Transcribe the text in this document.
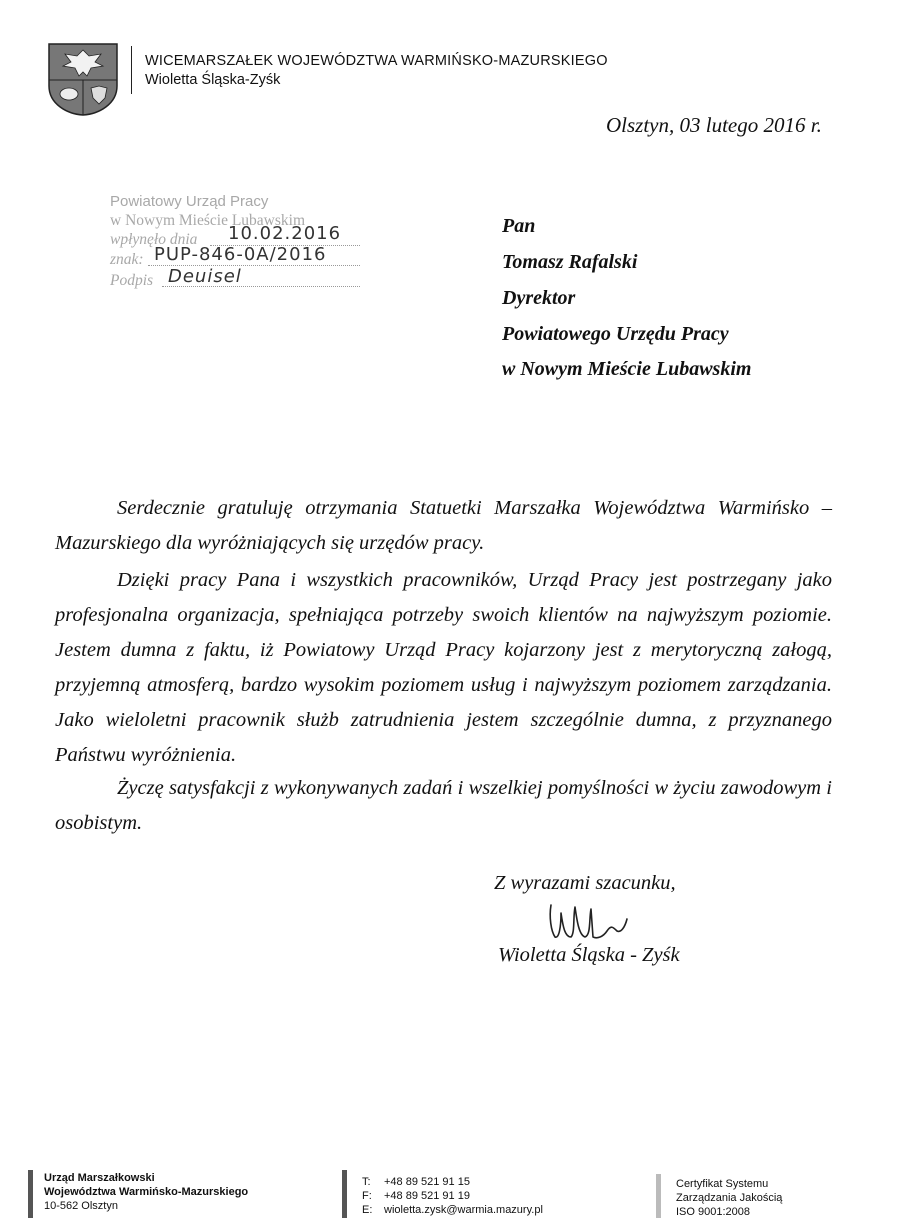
WICEMARSZAŁEK WOJEWÓDZTWA WARMIŃSKO-MAZURSKIEGO
Wioletta Śląska-Zyśk
Olsztyn, 03 lutego 2016 r.
Powiatowy Urząd Pracy
w Nowym Mieście Lubawskim
wpłynęło dnia 10.02.2016
znak: PUP-846-0A/2016
Podpis Deuisel
Pan
Tomasz Rafalski
Dyrektor
Powiatowego Urzędu Pracy
w Nowym Mieście Lubawskim
Serdecznie gratuluję otrzymania Statuetki Marszałka Województwa Warmińsko – Mazurskiego dla wyróżniających się urzędów pracy.
Dzięki pracy Pana i wszystkich pracowników, Urząd Pracy jest postrzegany jako profesjonalna organizacja, spełniająca potrzeby swoich klientów na najwyższym poziomie. Jestem dumna z faktu, iż Powiatowy Urząd Pracy kojarzony jest z merytoryczną załogą, przyjemną atmosferą, bardzo wysokim poziomem usług i najwyższym poziomem zarządzania. Jako wieloletni pracownik służb zatrudnienia jestem szczególnie dumna, z przyznanego Państwu wyróżnienia.
Życzę satysfakcji z wykonywanych zadań i wszelkiej pomyślności w życiu zawodowym i osobistym.
Z wyrazami szacunku,
Wioletta Śląska - Zyśk
Urząd Marszałkowski
Województwa Warmińsko-Mazurskiego
10-562 Olsztyn
T: +48 89 521 91 15
F: +48 89 521 91 19
E: wioletta.zysk@warmia.mazury.pl
Certyfikat Systemu
Zarządzania Jakością
ISO 9001:2008
